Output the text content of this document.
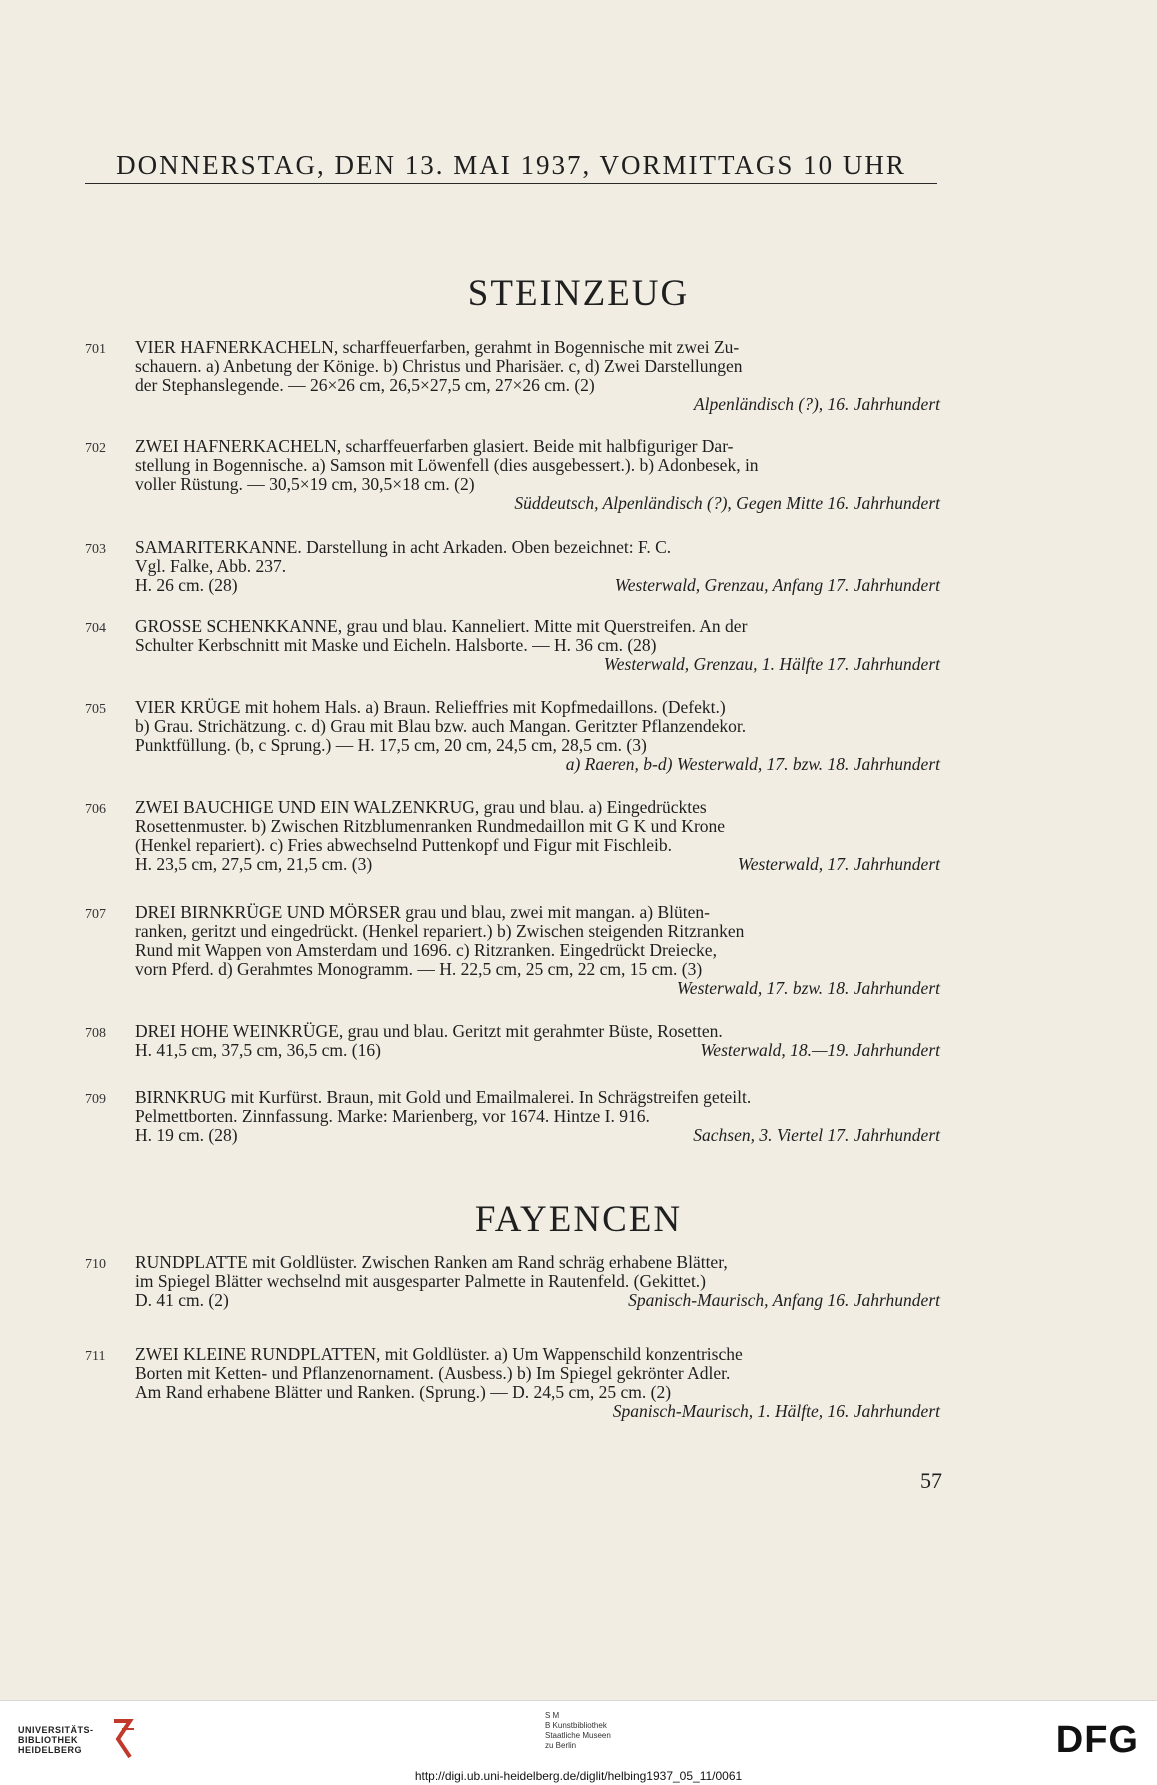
DONNERSTAG, DEN 13. MAI 1937, VORMITTAGS 10 UHR
STEINZEUG
701	VIER HAFNERKACHELN, scharffeuerfarben, gerahmt in Bogennische mit zwei Zu-
schauern. a) Anbetung der Könige. b) Christus und Pharisäer. c, d) Zwei Darstellungen
der Stephanslegende. — 26×26 cm, 26,5×27,5 cm, 27×26 cm. (2)
Alpenländisch (?), 16. Jahrhundert
702	ZWEI HAFNERKACHELN, scharffeuerfarben glasiert. Beide mit halbfiguriger Dar-
stellung in Bogennische. a) Samson mit Löwenfell (dies ausgebessert.). b) Adonbesek, in
voller Rüstung. — 30,5×19 cm, 30,5×18 cm. (2)
Süddeutsch, Alpenländisch (?), Gegen Mitte 16. Jahrhundert
703	SAMARITERKANNE. Darstellung in acht Arkaden. Oben bezeichnet: F. C.
Vgl. Falke, Abb. 237.
H. 26 cm. (28)	Westerwald, Grenzau, Anfang 17. Jahrhundert
704	GROSSE SCHENKKANNE, grau und blau. Kanneliert. Mitte mit Querstreifen. An der
Schulter Kerbschnitt mit Maske und Eicheln. Halsborte. — H. 36 cm. (28)
Westerwald, Grenzau, 1. Hälfte 17. Jahrhundert
705	VIER KRÜGE mit hohem Hals. a) Braun. Relieffries mit Kopfmedaillons. (Defekt.)
b) Grau. Strichätzung. c. d) Grau mit Blau bzw. auch Mangan. Geritzter Pflanzendekor.
Punktfüllung. (b, c Sprung.) — H. 17,5 cm, 20 cm, 24,5 cm, 28,5 cm. (3)
a) Raeren, b-d) Westerwald, 17. bzw. 18. Jahrhundert
706	ZWEI BAUCHIGE UND EIN WALZENKRUG, grau und blau. a) Eingedrücktes
Rosettenmuster. b) Zwischen Ritzblumenranken Rundmedaillon mit G K und Krone
(Henkel repariert). c) Fries abwechselnd Puttenkopf und Figur mit Fischleib.
H. 23,5 cm, 27,5 cm, 21,5 cm. (3)	Westerwald, 17. Jahrhundert
707	DREI BIRNKRÜGE UND MÖRSER grau und blau, zwei mit mangan. a) Blüten-
ranken, geritzt und eingedrückt. (Henkel repariert.) b) Zwischen steigenden Ritzranken
Rund mit Wappen von Amsterdam und 1696. c) Ritzranken. Eingedrückt Dreiecke,
vorn Pferd. d) Gerahmtes Monogramm. — H. 22,5 cm, 25 cm, 22 cm, 15 cm. (3)
Westerwald, 17. bzw. 18. Jahrhundert
708	DREI HOHE WEINKRÜGE, grau und blau. Geritzt mit gerahmter Büste, Rosetten.
H. 41,5 cm, 37,5 cm, 36,5 cm. (16)	Westerwald, 18.—19. Jahrhundert
709	BIRNKRUG mit Kurfürst. Braun, mit Gold und Emailmalerei. In Schrägstreifen geteilt.
Pelmettborten. Zinnfassung. Marke: Marienberg, vor 1674. Hintze I. 916.
H. 19 cm. (28)	Sachsen, 3. Viertel 17. Jahrhundert
FAYENCEN
710	RUNDPLATTE mit Goldlüster. Zwischen Ranken am Rand schräg erhabene Blätter,
im Spiegel Blätter wechselnd mit ausgesparter Palmette in Rautenfeld. (Gekittet.)
D. 41 cm. (2)	Spanisch-Maurisch, Anfang 16. Jahrhundert
711	ZWEI KLEINE RUNDPLATTEN, mit Goldlüster. a) Um Wappenschild konzentrische
Borten mit Ketten- und Pflanzenornament. (Ausbess.) b) Im Spiegel gekrönter Adler.
Am Rand erhabene Blätter und Ranken. (Sprung.) — D. 24,5 cm, 25 cm. (2)
Spanisch-Maurisch, 1. Hälfte, 16. Jahrhundert
57
UNIVERSITÄTS-
BIBLIOTHEK
HEIDELBERG
S M
B Kunstbibliothek
Staatliche Museen
zu Berlin	DFG
http://digi.ub.uni-heidelberg.de/diglit/helbing1937_05_11/0061
